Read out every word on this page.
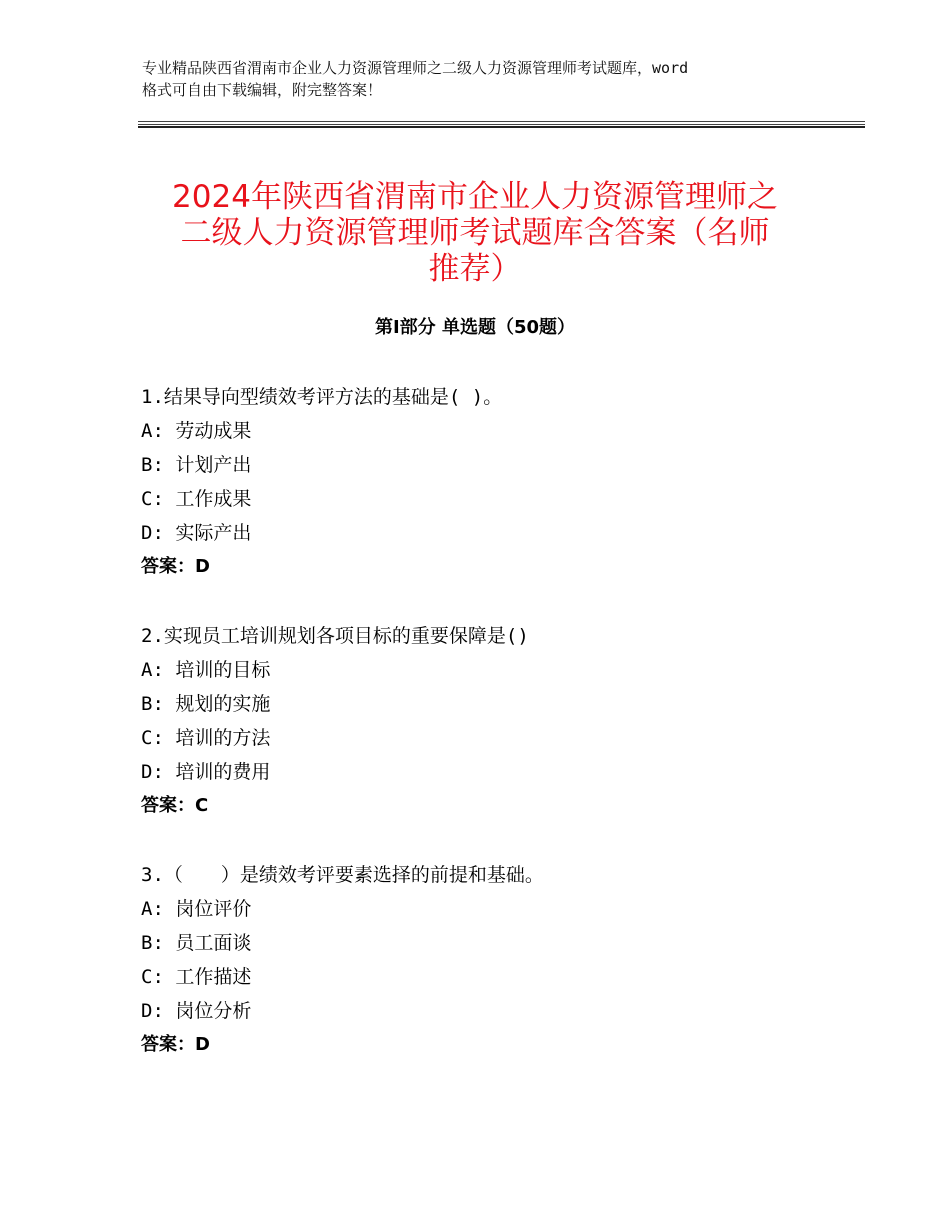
专业精品陕西省渭南市企业人力资源管理师之二级人力资源管理师考试题库，word
格式可自由下载编辑，附完整答案！
2024年陕西省渭南市企业人力资源管理师之
二级人力资源管理师考试题库含答案（名师
推荐）
第Ⅰ部分 单选题（50题）
1.结果导向型绩效考评方法的基础是( )。
A: 劳动成果
B: 计划产出
C: 工作成果
D: 实际产出
答案：D
2.实现员工培训规划各项目标的重要保障是()
A: 培训的目标
B: 规划的实施
C: 培训的方法
D: 培训的费用
答案：C
3.（　　）是绩效考评要素选择的前提和基础。
A: 岗位评价
B: 员工面谈
C: 工作描述
D: 岗位分析
答案：D
